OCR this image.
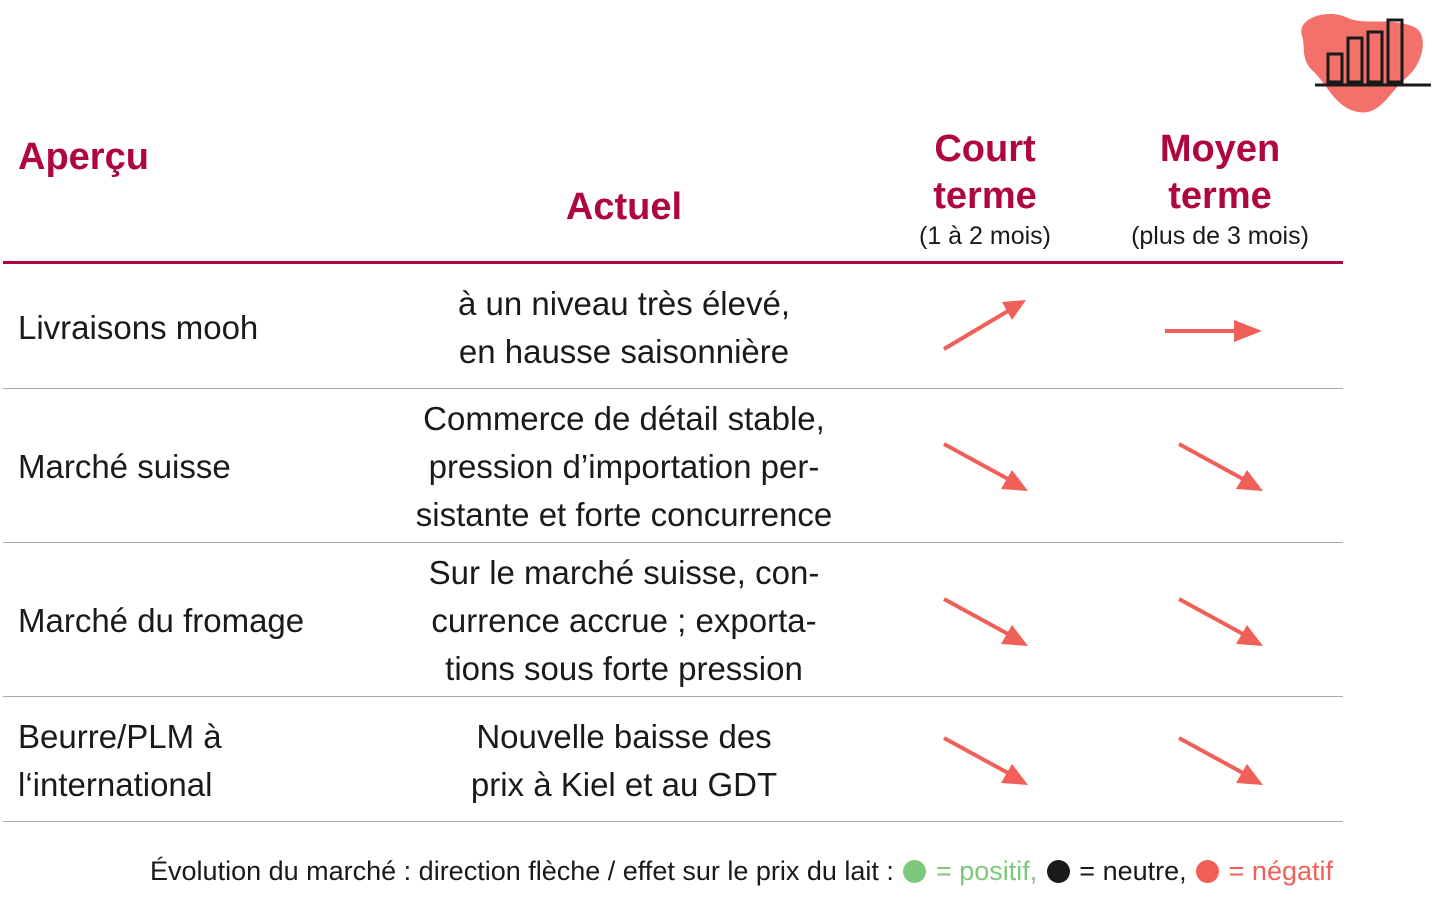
Aperçu
Actuel
Court
terme
(1 à 2 mois)
Moyen
terme
(plus de 3 mois)
Livraisons mooh
à un niveau très élevé,
en hausse saisonnière
Marché suisse
Commerce de détail stable,
pression d’importation per-
sistante et forte concurrence
Marché du fromage
Sur le marché suisse, con-
currence accrue ; exporta-
tions sous forte pression
Beurre/PLM à
l‘international
Nouvelle baisse des
prix à Kiel et au GDT
Évolution du marché : direction flèche / effet sur le prix du lait : = positif, = neutre, = négatif
